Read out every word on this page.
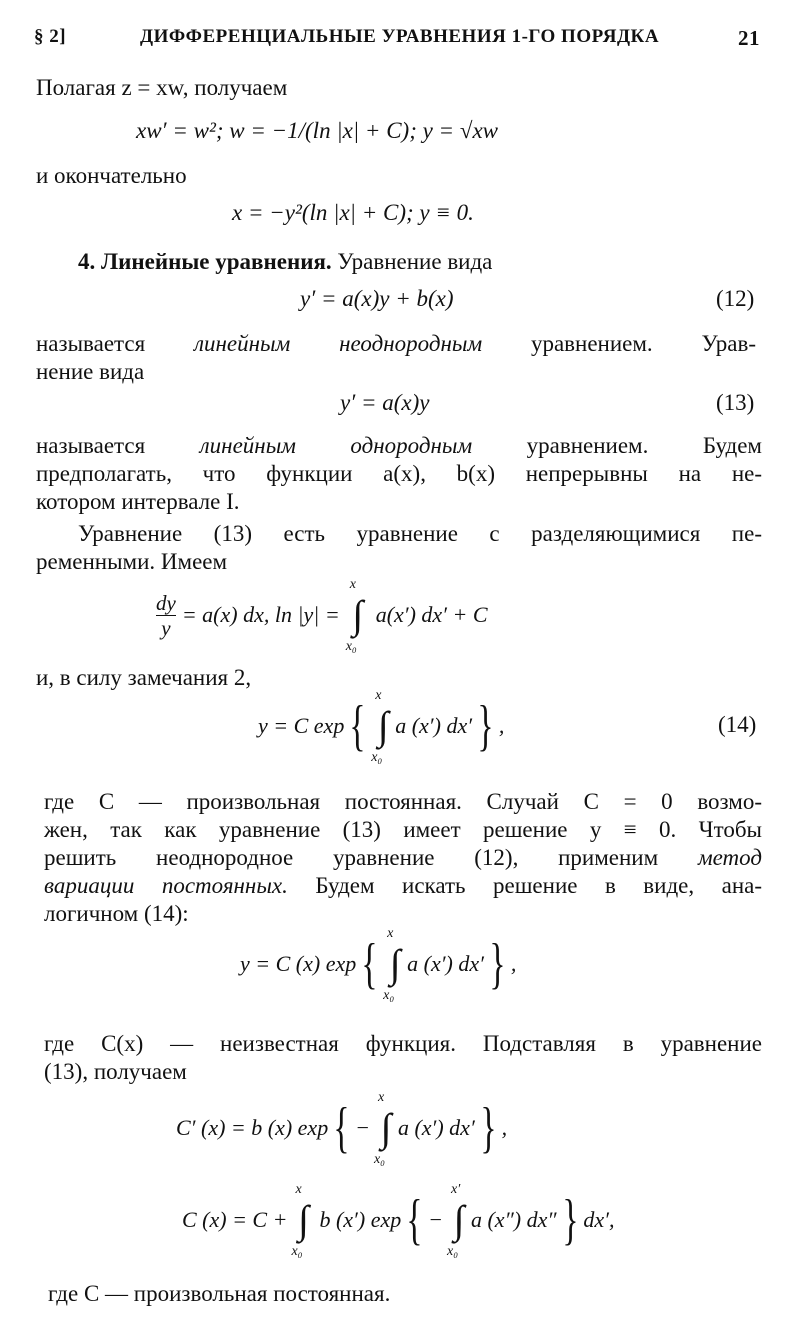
§ 2]	ДИФФЕРЕНЦИАЛЬНЫЕ УРАВНЕНИЯ 1-ГО ПОРЯДКА	21
Полагая z = xw, получаем
xw′ = w²; w = −1/(ln |x| + C); y = √xw
и окончательно
x = −y²(ln |x| + C); y ≡ 0.
4. Линейные уравнения. Уравнение вида
y′ = a(x)y + b(x)	(12)
называется линейным неоднородным уравнением. Урав-
нение вида
y′ = a(x)y	(13)
называется линейным однородным уравнением. Будем
предполагать, что функции a(x), b(x) непрерывны на не-
котором интервале I.
Уравнение (13) есть уравнение с разделяющимися пе-
ременными. Имеем
$\frac{dy}{y} = a(x)$ dx, ln |y| = ∫
x
x₀
a(x′) dx′ + C
и, в силу замечания 2,
y = C exp { ∫
x
x₀
a (x′) dx′ } ,	(14)
где C — произвольная постоянная. Случай C = 0 возмо-
жен, так как уравнение (13) имеет решение y ≡ 0. Чтобы
решить неоднородное уравнение (12), применим метод
вариации постоянных. Будем искать решение в виде, ана-
логичном (14):
y = C (x) exp { ∫
x
x₀
a (x′) dx′ } ,
где C(x) — неизвестная функция. Подставляя в уравнение
(13), получаем
C′ (x) = b (x) exp { − ∫
x
x₀
a (x′) dx′ } ,
C (x) = C + ∫
x
x₀
b (x′) exp { − ∫
x′
x₀
a (x″) dx″ } dx′,
где C — произвольная постоянная.
